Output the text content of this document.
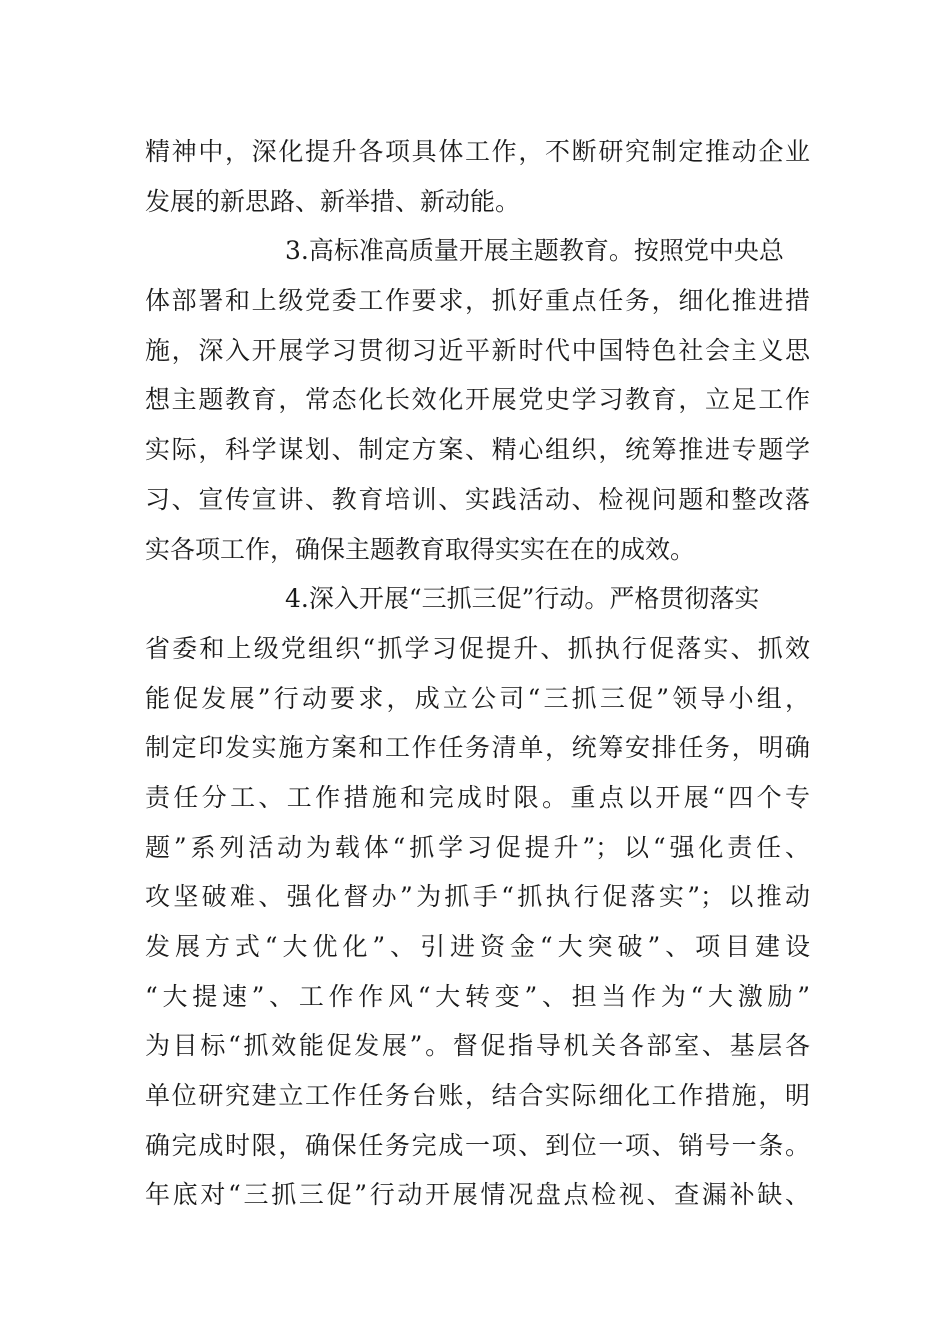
精神中，深化提升各项具体工作，不断研究制定推动企业
发展的新思路、新举措、新动能。
3.高标准高质量开展主题教育。按照党中央总
体部署和上级党委工作要求，抓好重点任务，细化推进措
施，深入开展学习贯彻习近平新时代中国特色社会主义思
想主题教育，常态化长效化开展党史学习教育，立足工作
实际，科学谋划、制定方案、精心组织，统筹推进专题学
习、宣传宣讲、教育培训、实践活动、检视问题和整改落
实各项工作，确保主题教育取得实实在在的成效。
4.深入开展“三抓三促”行动。严格贯彻落实
省委和上级党组织“抓学习促提升、抓执行促落实、抓效
能促发展”行动要求，成立公司“三抓三促”领导小组，
制定印发实施方案和工作任务清单，统筹安排任务，明确
责任分工、工作措施和完成时限。重点以开展“四个专
题”系列活动为载体“抓学习促提升”；以“强化责任、
攻坚破难、强化督办”为抓手“抓执行促落实”；以推动
发展方式“大优化”、引进资金“大突破”、项目建设
“大提速”、工作作风“大转变”、担当作为“大激励”
为目标“抓效能促发展”。督促指导机关各部室、基层各
单位研究建立工作任务台账，结合实际细化工作措施，明
确完成时限，确保任务完成一项、到位一项、销号一条。
年底对“三抓三促”行动开展情况盘点检视、查漏补缺、
